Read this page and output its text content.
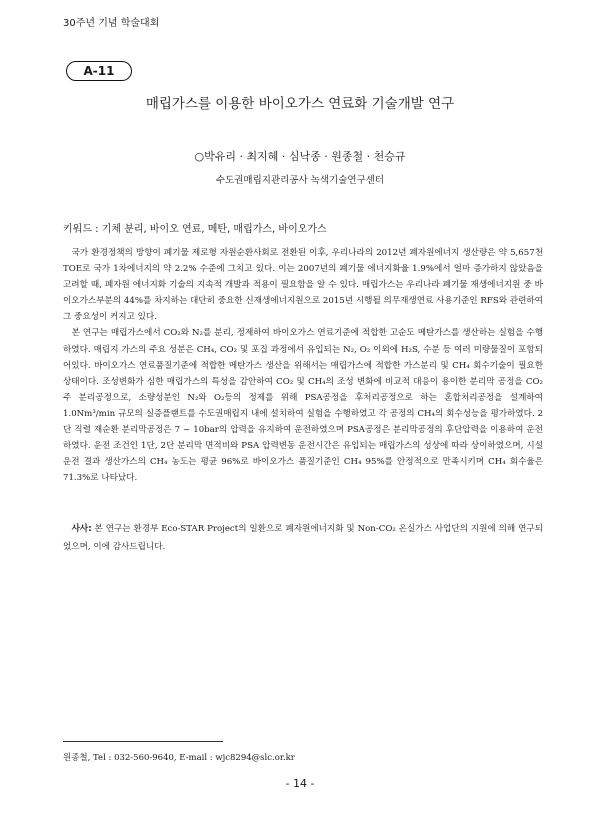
30주년 기념 학술대회
A-11
매립가스를 이용한 바이오가스 연료화 기술개발 연구
○박유리 · 최지혜 · 심낙종 · 원종철 · 천승규
수도권매립지관리공사 녹색기술연구센터
키워드 : 기체 분리, 바이오 연료, 메탄, 매립가스, 바이오가스

국가 환경정책의 방향이 폐기물 제로형 자원순환사회로 전환된 이후, 우리나라의 2012년 폐자원에너지 생산량은 약 5,657천 TOE로 국가 1차에너지의 약 2.2% 수준에 그치고 있다. 이는 2007년의 폐기물 에너지화율 1.9%에서 얼마 증가하지 않았음을 고려할 때, 폐자원 에너지화 기술의 지속적 개발과 적용이 필요함을 알 수 있다. 매립가스는 우리나라 폐기물 재생에너지원 중 바이오가스부분의 44%를 차지하는 대단히 중요한 신재생에너지원으로 2015년 시행될 의무재생연료 사용기준인 RFS와 관련하여 그 중요성이 커지고 있다.

본 연구는 매립가스에서 CO₂와 N₂를 분리, 정제하여 바이오가스 연료기준에 적합한 고순도 메탄가스를 생산하는 실험을 수행하였다. 매립지 가스의 주요 성분은 CH₄, CO₂ 및 포집 과정에서 유입되는 N₂, O₂ 이외에 H₂S, 수분 등 여러 미량물질이 포함되어있다. 바이오가스 연료품질기준에 적합한 메탄가스 생산을 위해서는 매립가스에 적합한 가스분리 및 CH₄ 회수기술이 필요한 상태이다. 조성변화가 심한 매립가스의 특성을 감안하여 CO₂ 및 CH₄의 조성 변화에 비교적 대응이 용이한 분리막 공정을 CO₂ 주 분리공정으로, 소량성분인 N₂와 O₂등의 정제를 위해 PSA공정을 후처리공정으로 하는 혼합처리공정을 설계하여 1.0Nm³/min 규모의 실증플랜트를 수도권매립지 내에 설치하여 실험을 수행하였고 각 공정의 CH₄의 회수성능을 평가하였다. 2단 직렬 재순환 분리막공정은 7 ~ 10bar의 압력을 유지하여 운전하였으며 PSA공정은 분리막공정의 후단압력을 이용하여 운전하였다. 운전 조건인 1단, 2단 분리막 면적비와 PSA 압력변동 운전시간은 유입되는 매립가스의 성상에 따라 상이하였으며, 시설 운전 결과 생산가스의 CH₄ 농도는 평균 96%로 바이오가스 품질기준인 CH₄ 95%를 안정적으로 만족시키며 CH₄ 회수율은 71.3%로 나타났다.

사사: 본 연구는 환경부 Eco-STAR Project의 일환으로 폐자원에너지화 및 Non-CO₂ 온실가스 사업단의 지원에 의해 연구되었으며, 이에 감사드립니다.

원종철, Tel : 032-560-9640, E-mail : wjc8294@slc.or.kr
- 14 -
